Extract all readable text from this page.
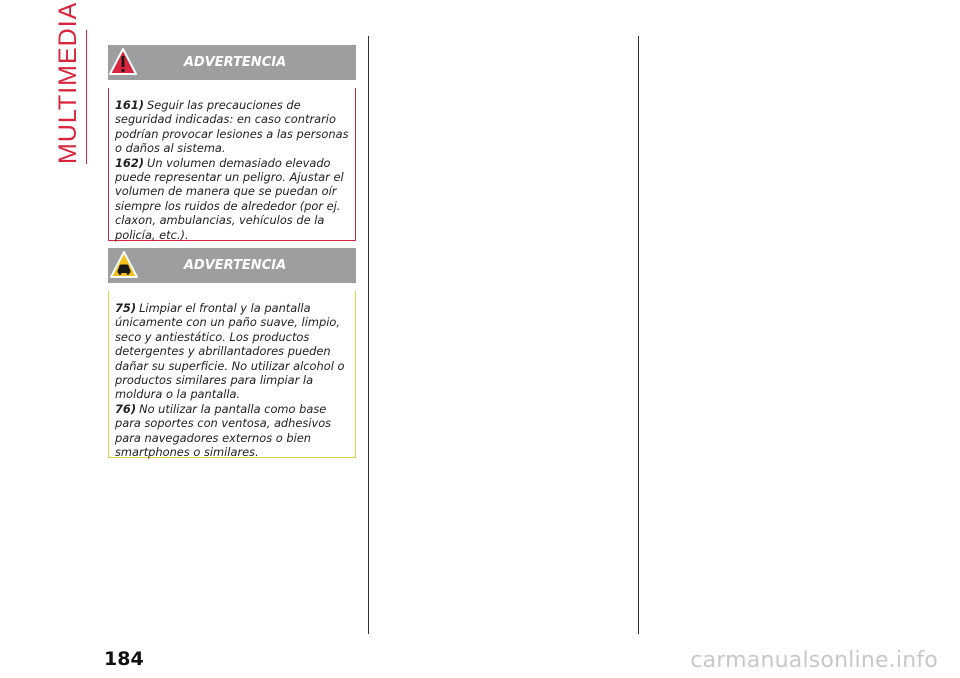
MULTIMEDIA	ADVERTENCIA

161) Seguir las precauciones de seguridad indicadas: en caso contrario podrían provocar lesiones a las personas o daños al sistema.

162) Un volumen demasiado elevado puede representar un peligro. Ajustar el volumen de manera que se puedan oír siempre los ruidos de alrededor (por ej. claxon, ambulancias, vehículos de la policía, etc.).

ADVERTENCIA

75) Limpiar el frontal y la pantalla únicamente con un paño suave, limpio, seco y antiestático. Los productos detergentes y abrillantadores pueden dañar su superficie. No utilizar alcohol o productos similares para limpiar la moldura o la pantalla.

76) No utilizar la pantalla como base para soportes con ventosa, adhesivos para navegadores externos o bien smartphones o similares.

184	carmanualsonline.info
